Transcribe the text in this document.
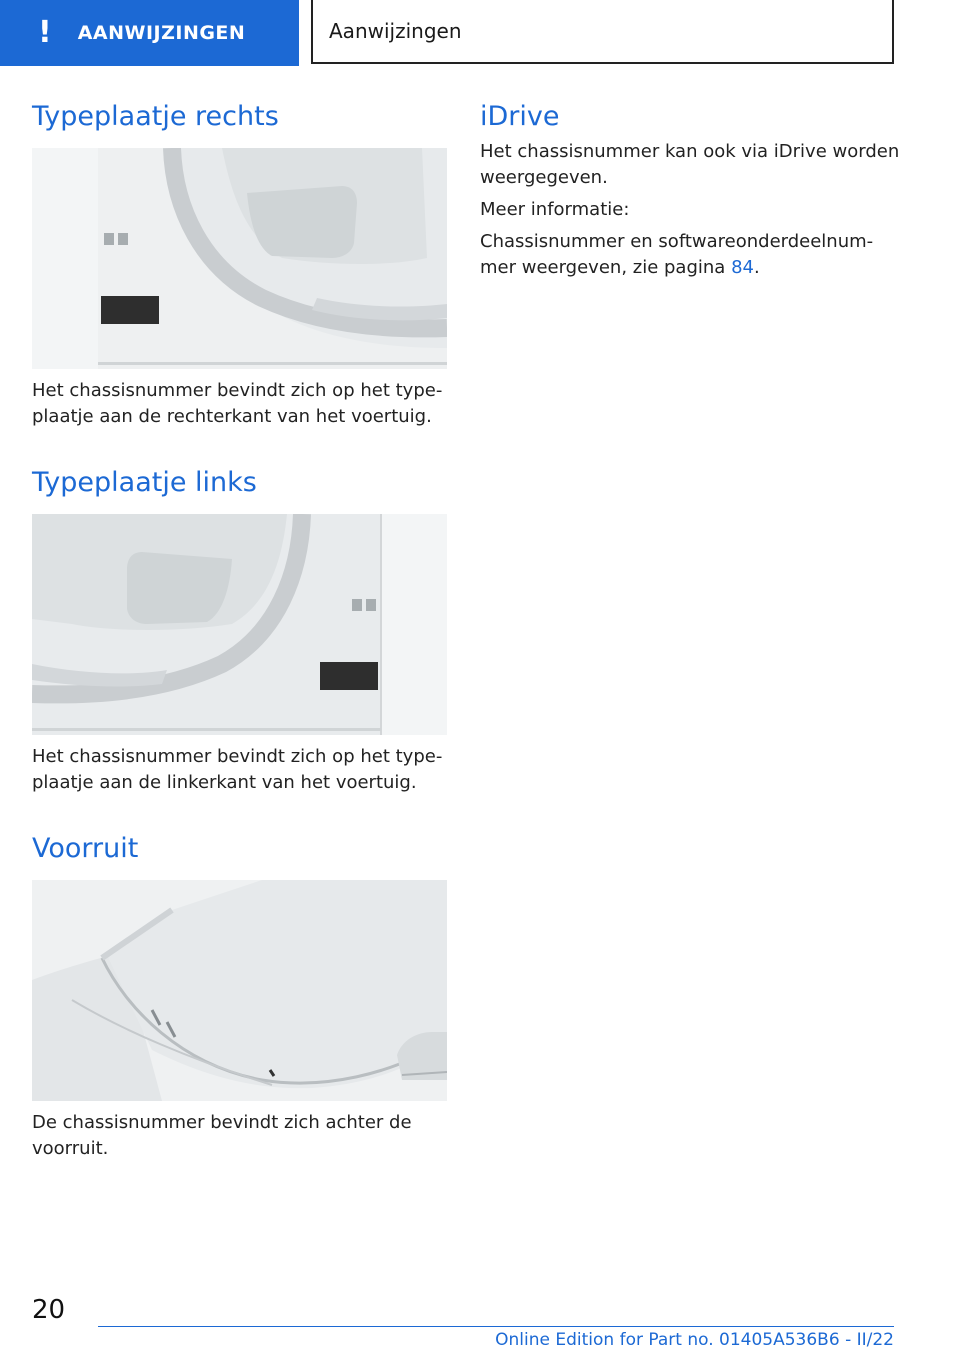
! AANWIJZINGEN	Aanwijzingen
Typeplaatje rechts

Het chassisnummer bevindt zich op het type‐
plaatje aan de rechterkant van het voertuig.

Typeplaatje links

Het chassisnummer bevindt zich op het type‐
plaatje aan de linkerkant van het voertuig.

Voorruit

De chassisnummer bevindt zich achter de
voorruit.

iDrive

Het chassisnummer kan ook via iDrive worden
weergegeven.

Meer informatie:

Chassisnummer en softwareonderdeelnum‐
mer weergeven, zie pagina 84.

20
Online Edition for Part no. 01405A536B6 - II/22
